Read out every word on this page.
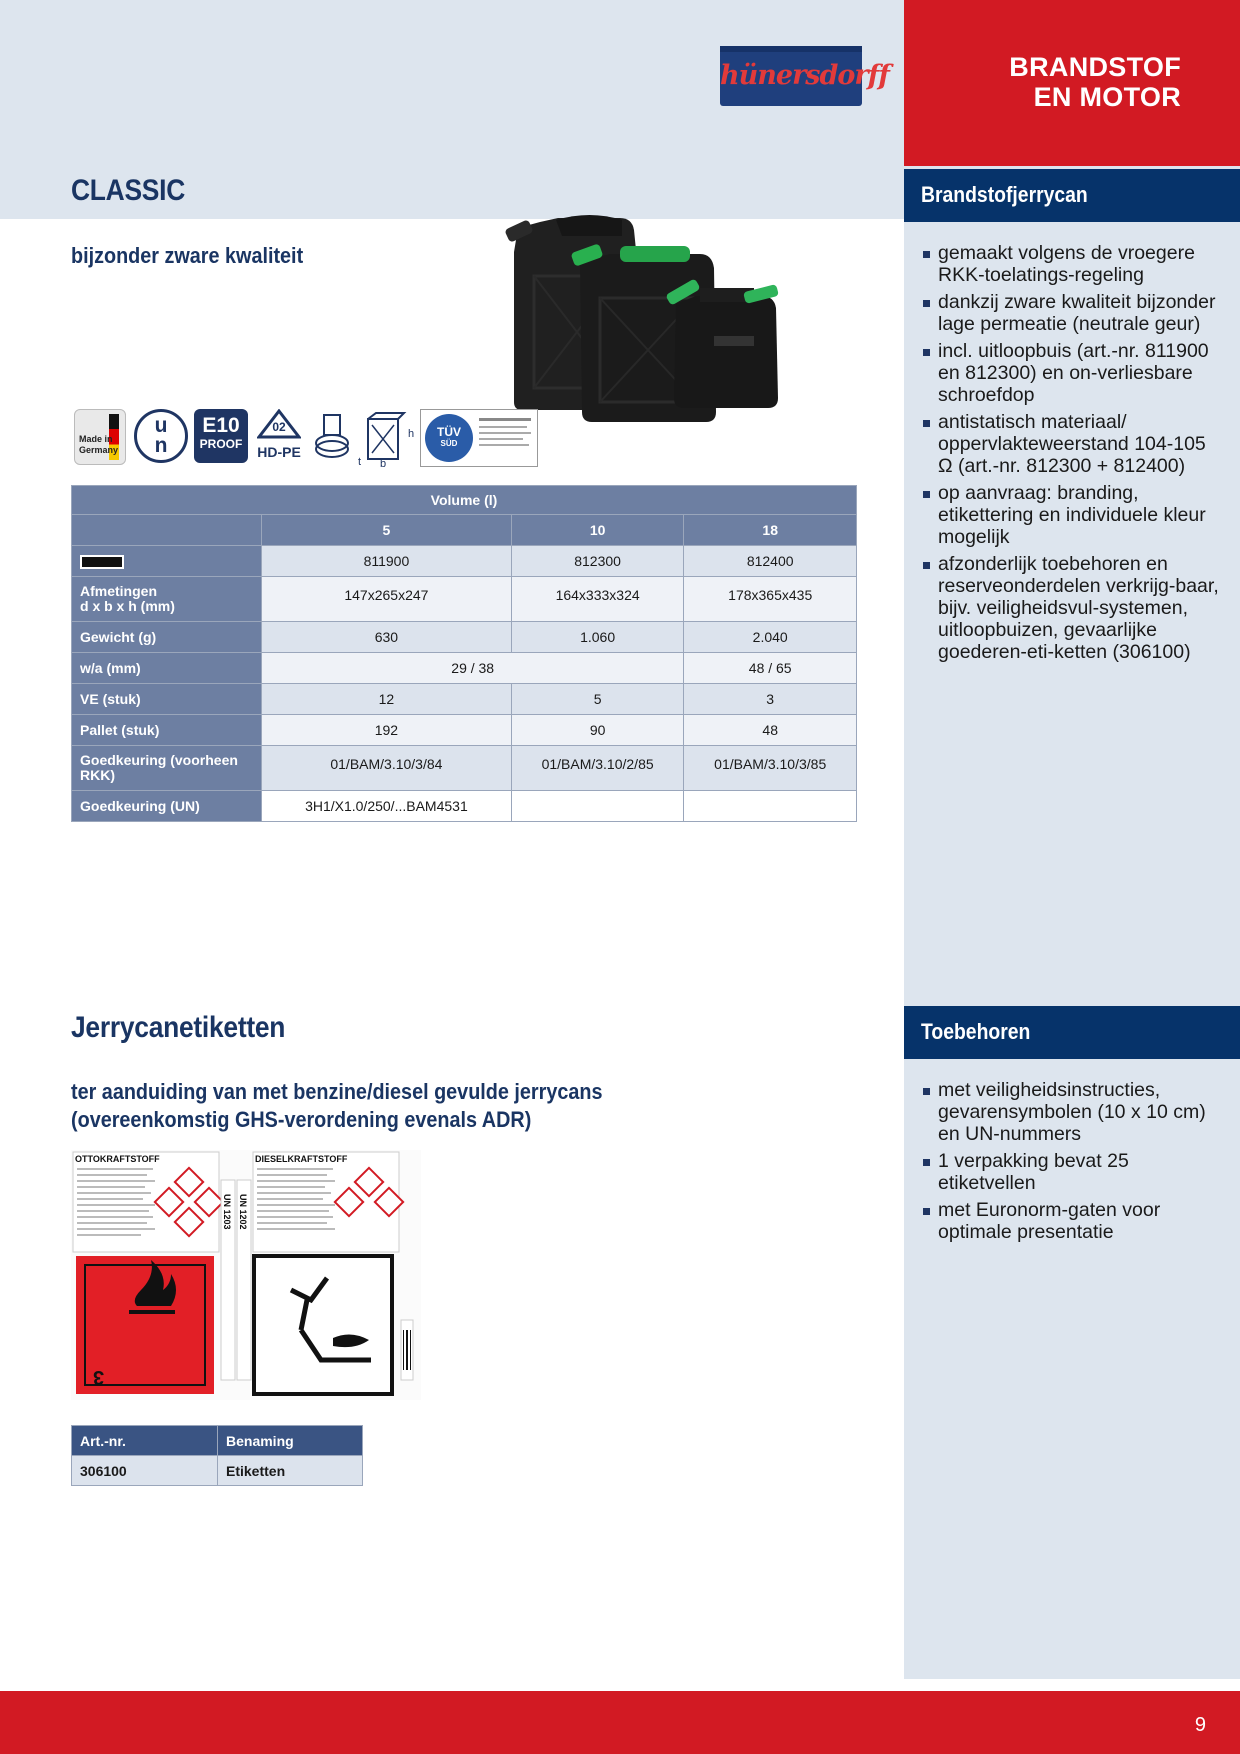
BRANDSTOF
EN MOTOR
hünersdorff
CLASSIC
bijzonder zware kwaliteit
Brandstofjerrycan
gemaakt volgens de vroegere RKK-toelatings-regeling
dankzij zware kwaliteit bijzonder lage permeatie (neutrale geur)
incl. uitloopbuis (art.-nr. 811900 en 812300) en on-verliesbare schroefdop
antistatisch materiaal/ oppervlakteweerstand 104-105 Ω (art.-nr. 812300 + 812400)
op aanvraag: branding, etikettering en individuele kleur mogelijk
afzonderlijk toebehoren en reserveonderdelen verkrijg-baar, bijv. veiligheidsvul-systemen, uitloopbuizen, gevaarlijke goederen-eti-ketten (306100)
Made in
Germany
u
n
E10
PROOF
02
HD-PE
h
b
t
TÜV
SÜD
Volume (l)			
	5	10	18
	811900	812300	812400
Afmetingen
d x b x h (mm)	147x265x247	164x333x324	178x365x435
Gewicht (g)	630	1.060	2.040
w/a (mm)	29 / 38		48 / 65
VE (stuk)	12	5	3
Pallet (stuk)	192	90	48
Goedkeuring (voorheen RKK)	01/BAM/3.10/3/84	01/BAM/3.10/2/85	01/BAM/3.10/3/85
Goedkeuring (UN)	3H1/X1.0/250/...BAM4531		
Jerrycanetiketten
ter aanduiding van met benzine/diesel gevulde jerrycans
(overeenkomstig GHS-verordening evenals ADR)
Toebehoren
met veiligheidsinstructies, gevarensymbolen (10 x 10 cm) en UN-nummers
1 verpakking bevat 25 etiketvellen
met Euronorm-gaten voor optimale presentatie
OTTOKRAFTSTOFF	DIESELKRAFTSTOFF
UN 1203 UN 1202
3
Art.-nr.	Benaming
306100	Etiketten
9
